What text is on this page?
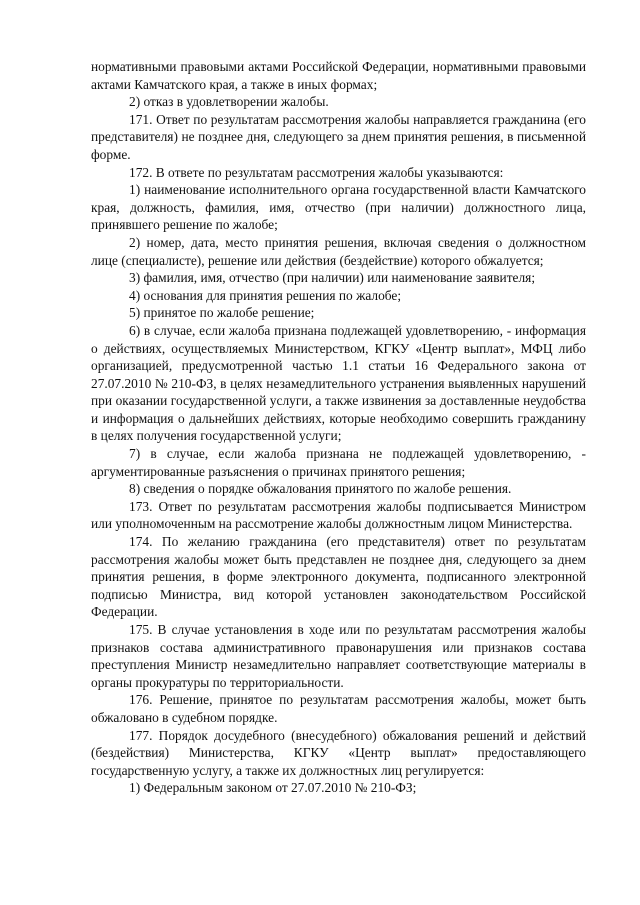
нормативными правовыми актами Российской Федерации, нормативными правовыми актами Камчатского края, а также в иных формах;

2) отказ в удовлетворении жалобы.

171. Ответ по результатам рассмотрения жалобы направляется гражданина (его представителя) не позднее дня, следующего за днем принятия решения, в письменной форме.

172. В ответе по результатам рассмотрения жалобы указываются:

1) наименование исполнительного органа государственной власти Камчатского края, должность, фамилия, имя, отчество (при наличии) должностного лица, принявшего решение по жалобе;

2) номер, дата, место принятия решения, включая сведения о должностном лице (специалисте), решение или действия (бездействие) которого обжалуется;

3) фамилия, имя, отчество (при наличии) или наименование заявителя;

4) основания для принятия решения по жалобе;

5) принятое по жалобе решение;

6) в случае, если жалоба признана подлежащей удовлетворению, - информация о действиях, осуществляемых Министерством, КГКУ «Центр выплат», МФЦ либо организацией, предусмотренной частью 1.1 статьи 16 Федерального закона от 27.07.2010 № 210-ФЗ, в целях незамедлительного устранения выявленных нарушений при оказании государственной услуги, а также извинения за доставленные неудобства и информация о дальнейших действиях, которые необходимо совершить гражданину в целях получения государственной услуги;

7) в случае, если жалоба признана не подлежащей удовлетворению, - аргументированные разъяснения о причинах принятого решения;

8) сведения о порядке обжалования принятого по жалобе решения.

173. Ответ по результатам рассмотрения жалобы подписывается Министром или уполномоченным на рассмотрение жалобы должностным лицом Министерства.

174. По желанию гражданина (его представителя) ответ по результатам рассмотрения жалобы может быть представлен не позднее дня, следующего за днем принятия решения, в форме электронного документа, подписанного электронной подписью Министра, вид которой установлен законодательством Российской Федерации.

175. В случае установления в ходе или по результатам рассмотрения жалобы признаков состава административного правонарушения или признаков состава преступления Министр незамедлительно направляет соответствующие материалы в органы прокуратуры по территориальности.

176. Решение, принятое по результатам рассмотрения жалобы, может быть обжаловано в судебном порядке.

177. Порядок досудебного (внесудебного) обжалования решений и действий (бездействия) Министерства, КГКУ «Центр выплат» предоставляющего государственную услугу, а также их должностных лиц регулируется:

1) Федеральным законом от 27.07.2010 № 210-ФЗ;
